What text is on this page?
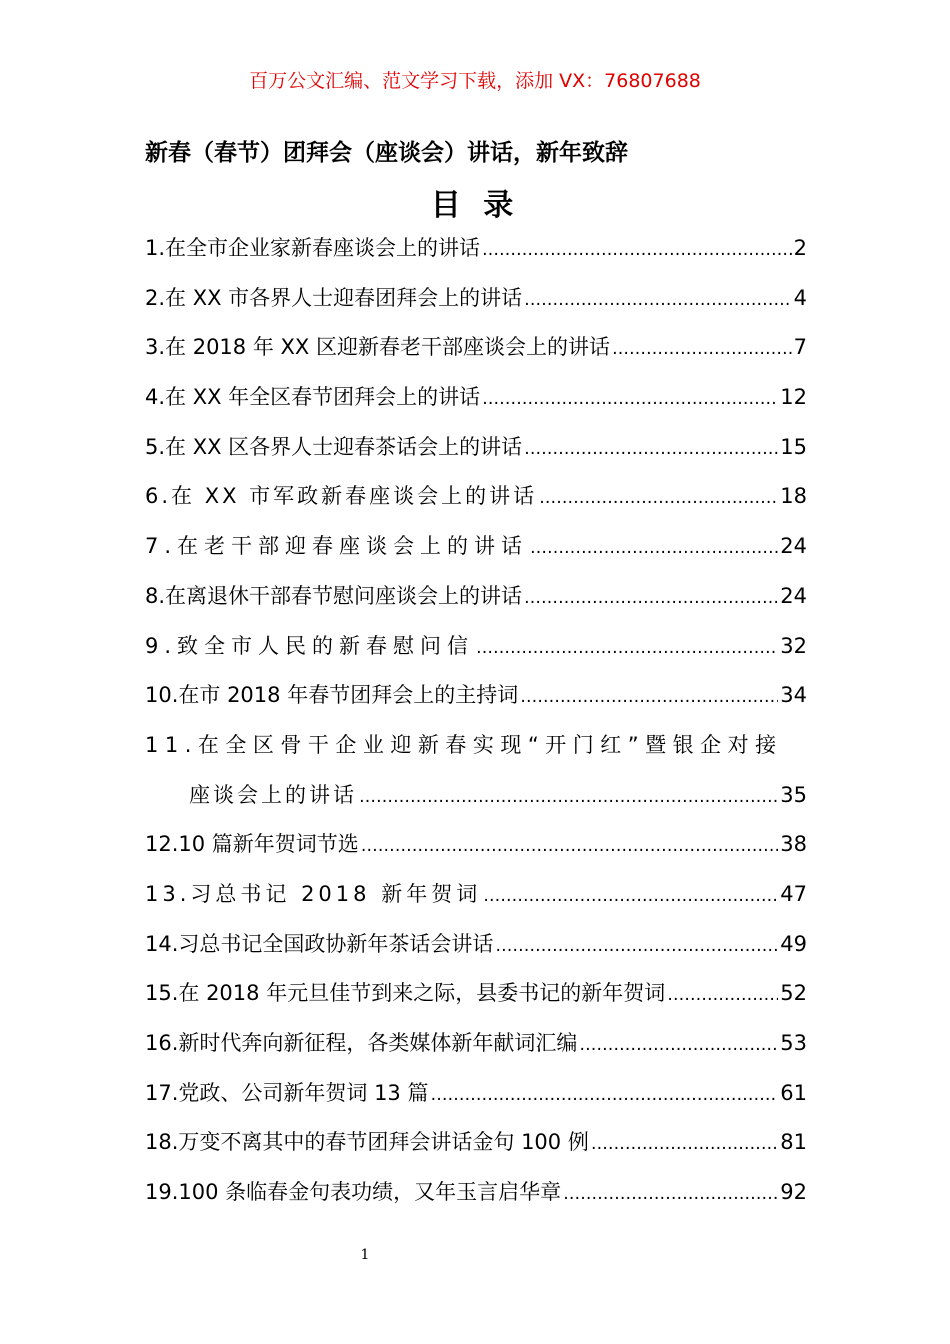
百万公文汇编、范文学习下载，添加 VX：76807688
新春（春节）团拜会（座谈会）讲话，新年致辞
目 录
1.在全市企业家新春座谈会上的讲话 …………………………………………………………………………………………………………………………	2
2.在 XX 市各界人士迎春团拜会上的讲话 …………………………………………………………………………………………………………………………	4
3.在 2018 年 XX 区迎新春老干部座谈会上的讲话 …………………………………………………………………………………………………………………………	7
4.在 XX 年全区春节团拜会上的讲话 …………………………………………………………………………………………………………………………	12
5.在 XX 区各界人士迎春茶话会上的讲话 …………………………………………………………………………………………………………………………	15
6.在 XX 市军政新春座谈会上的讲话 …………………………………………………………………………………………………………………………	18
7.在老干部迎春座谈会上的讲话 …………………………………………………………………………………………………………………………	24
8.在离退休干部春节慰问座谈会上的讲话 …………………………………………………………………………………………………………………………	24
9.致全市人民的新春慰问信 …………………………………………………………………………………………………………………………	32
10.在市 2018 年春节团拜会上的主持词 …………………………………………………………………………………………………………………………	34
11.在全区骨干企业迎新春实现“开门红”暨银企对接
座谈会上的讲话 …………………………………………………………………………………………………………………………	35
12.10 篇新年贺词节选 …………………………………………………………………………………………………………………………	38
13.习总书记 2018 新年贺词 …………………………………………………………………………………………………………………………	47
14.习总书记全国政协新年茶话会讲话 …………………………………………………………………………………………………………………………	49
15.在 2018 年元旦佳节到来之际，县委书记的新年贺词 …………………………………………………………………………………………………………………………	52
16.新时代奔向新征程，各类媒体新年献词汇编 …………………………………………………………………………………………………………………………	53
17.党政、公司新年贺词 13 篇 …………………………………………………………………………………………………………………………	61
18.万变不离其中的春节团拜会讲话金句 100 例 …………………………………………………………………………………………………………………………	81
19.100 条临春金句表功绩，又年玉言启华章 …………………………………………………………………………………………………………………………	92
1
